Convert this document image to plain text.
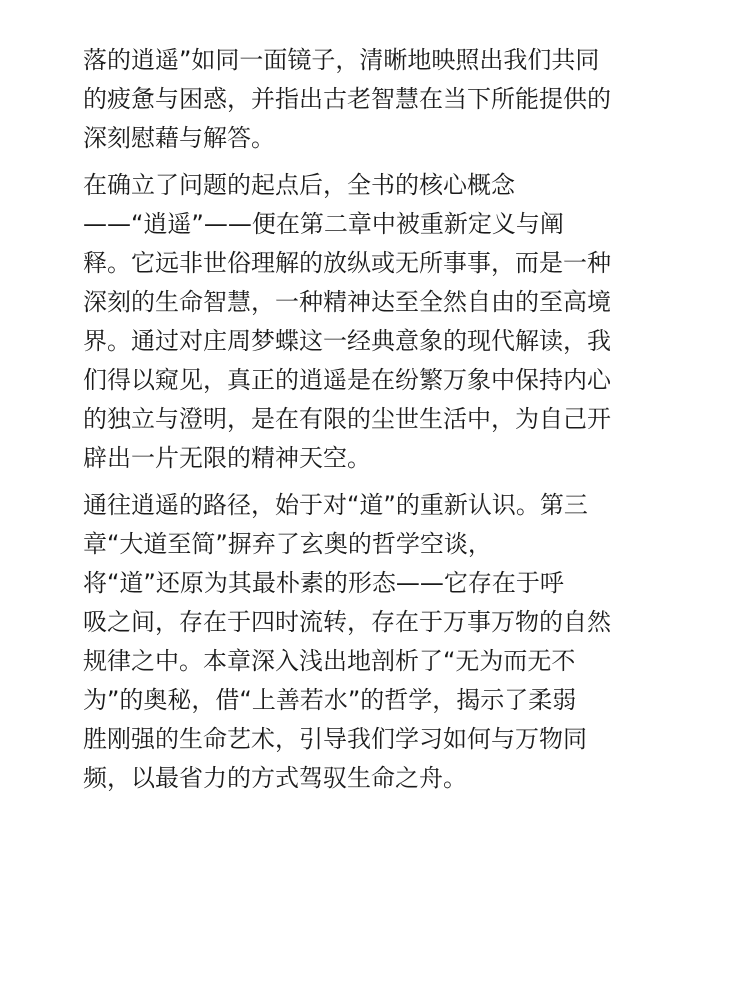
落的逍遥”如同一面镜子，清晰地映照出我们共同
的疲惫与困惑，并指出古老智慧在当下所能提供的
深刻慰藉与解答。

在确立了问题的起点后，全书的核心概念
——“逍遥”——便在第二章中被重新定义与阐
释。它远非世俗理解的放纵或无所事事，而是一种
深刻的生命智慧，一种精神达至全然自由的至高境
界。通过对庄周梦蝶这一经典意象的现代解读，我
们得以窥见，真正的逍遥是在纷繁万象中保持内心
的独立与澄明，是在有限的尘世生活中，为自己开
辟出一片无限的精神天空。

通往逍遥的路径，始于对“道”的重新认识。第三
章“大道至简”摒弃了玄奥的哲学空谈，
将“道”还原为其最朴素的形态——它存在于呼
吸之间，存在于四时流转，存在于万事万物的自然
规律之中。本章深入浅出地剖析了“无为而无不
为”的奥秘，借“上善若水”的哲学，揭示了柔弱
胜刚强的生命艺术，引导我们学习如何与万物同
频，以最省力的方式驾驭生命之舟。
